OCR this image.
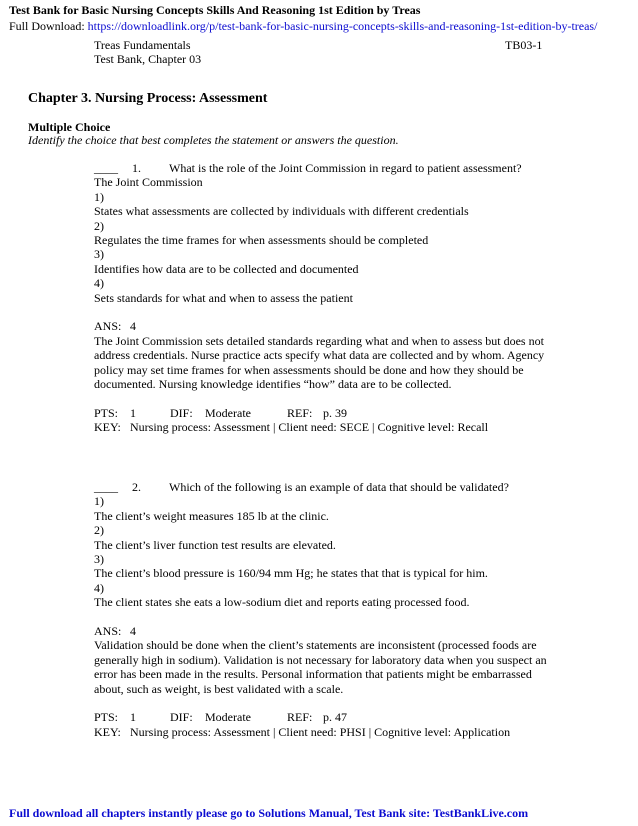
Test Bank for Basic Nursing Concepts Skills And Reasoning 1st Edition by Treas
Full Download: https://downloadlink.org/p/test-bank-for-basic-nursing-concepts-skills-and-reasoning-1st-edition-by-treas/
Treas Fundamentals
Test Bank, Chapter 03
TB03-1
Chapter 3. Nursing Process: Assessment
Multiple Choice
Identify the choice that best completes the statement or answers the question.
____ 1. What is the role of the Joint Commission in regard to patient assessment?
The Joint Commission
1)
States what assessments are collected by individuals with different credentials
2)
Regulates the time frames for when assessments should be completed
3)
Identifies how data are to be collected and documented
4)
Sets standards for what and when to assess the patient
ANS: 4
The Joint Commission sets detailed standards regarding what and when to assess but does not address credentials. Nurse practice acts specify what data are collected and by whom. Agency policy may set time frames for when assessments should be done and how they should be documented. Nursing knowledge identifies “how” data are to be collected.
PTS: 1	DIF: Moderate	REF: p. 39
KEY: Nursing process: Assessment | Client need: SECE | Cognitive level: Recall
____ 2. Which of the following is an example of data that should be validated?
1)
The client’s weight measures 185 lb at the clinic.
2)
The client’s liver function test results are elevated.
3)
The client’s blood pressure is 160/94 mm Hg; he states that that is typical for him.
4)
The client states she eats a low-sodium diet and reports eating processed food.
ANS: 4
Validation should be done when the client’s statements are inconsistent (processed foods are generally high in sodium). Validation is not necessary for laboratory data when you suspect an error has been made in the results. Personal information that patients might be embarrassed about, such as weight, is best validated with a scale.
PTS: 1	DIF: Moderate	REF: p. 47
KEY: Nursing process: Assessment | Client need: PHSI | Cognitive level: Application
Full download all chapters instantly please go to Solutions Manual, Test Bank site: TestBankLive.com
